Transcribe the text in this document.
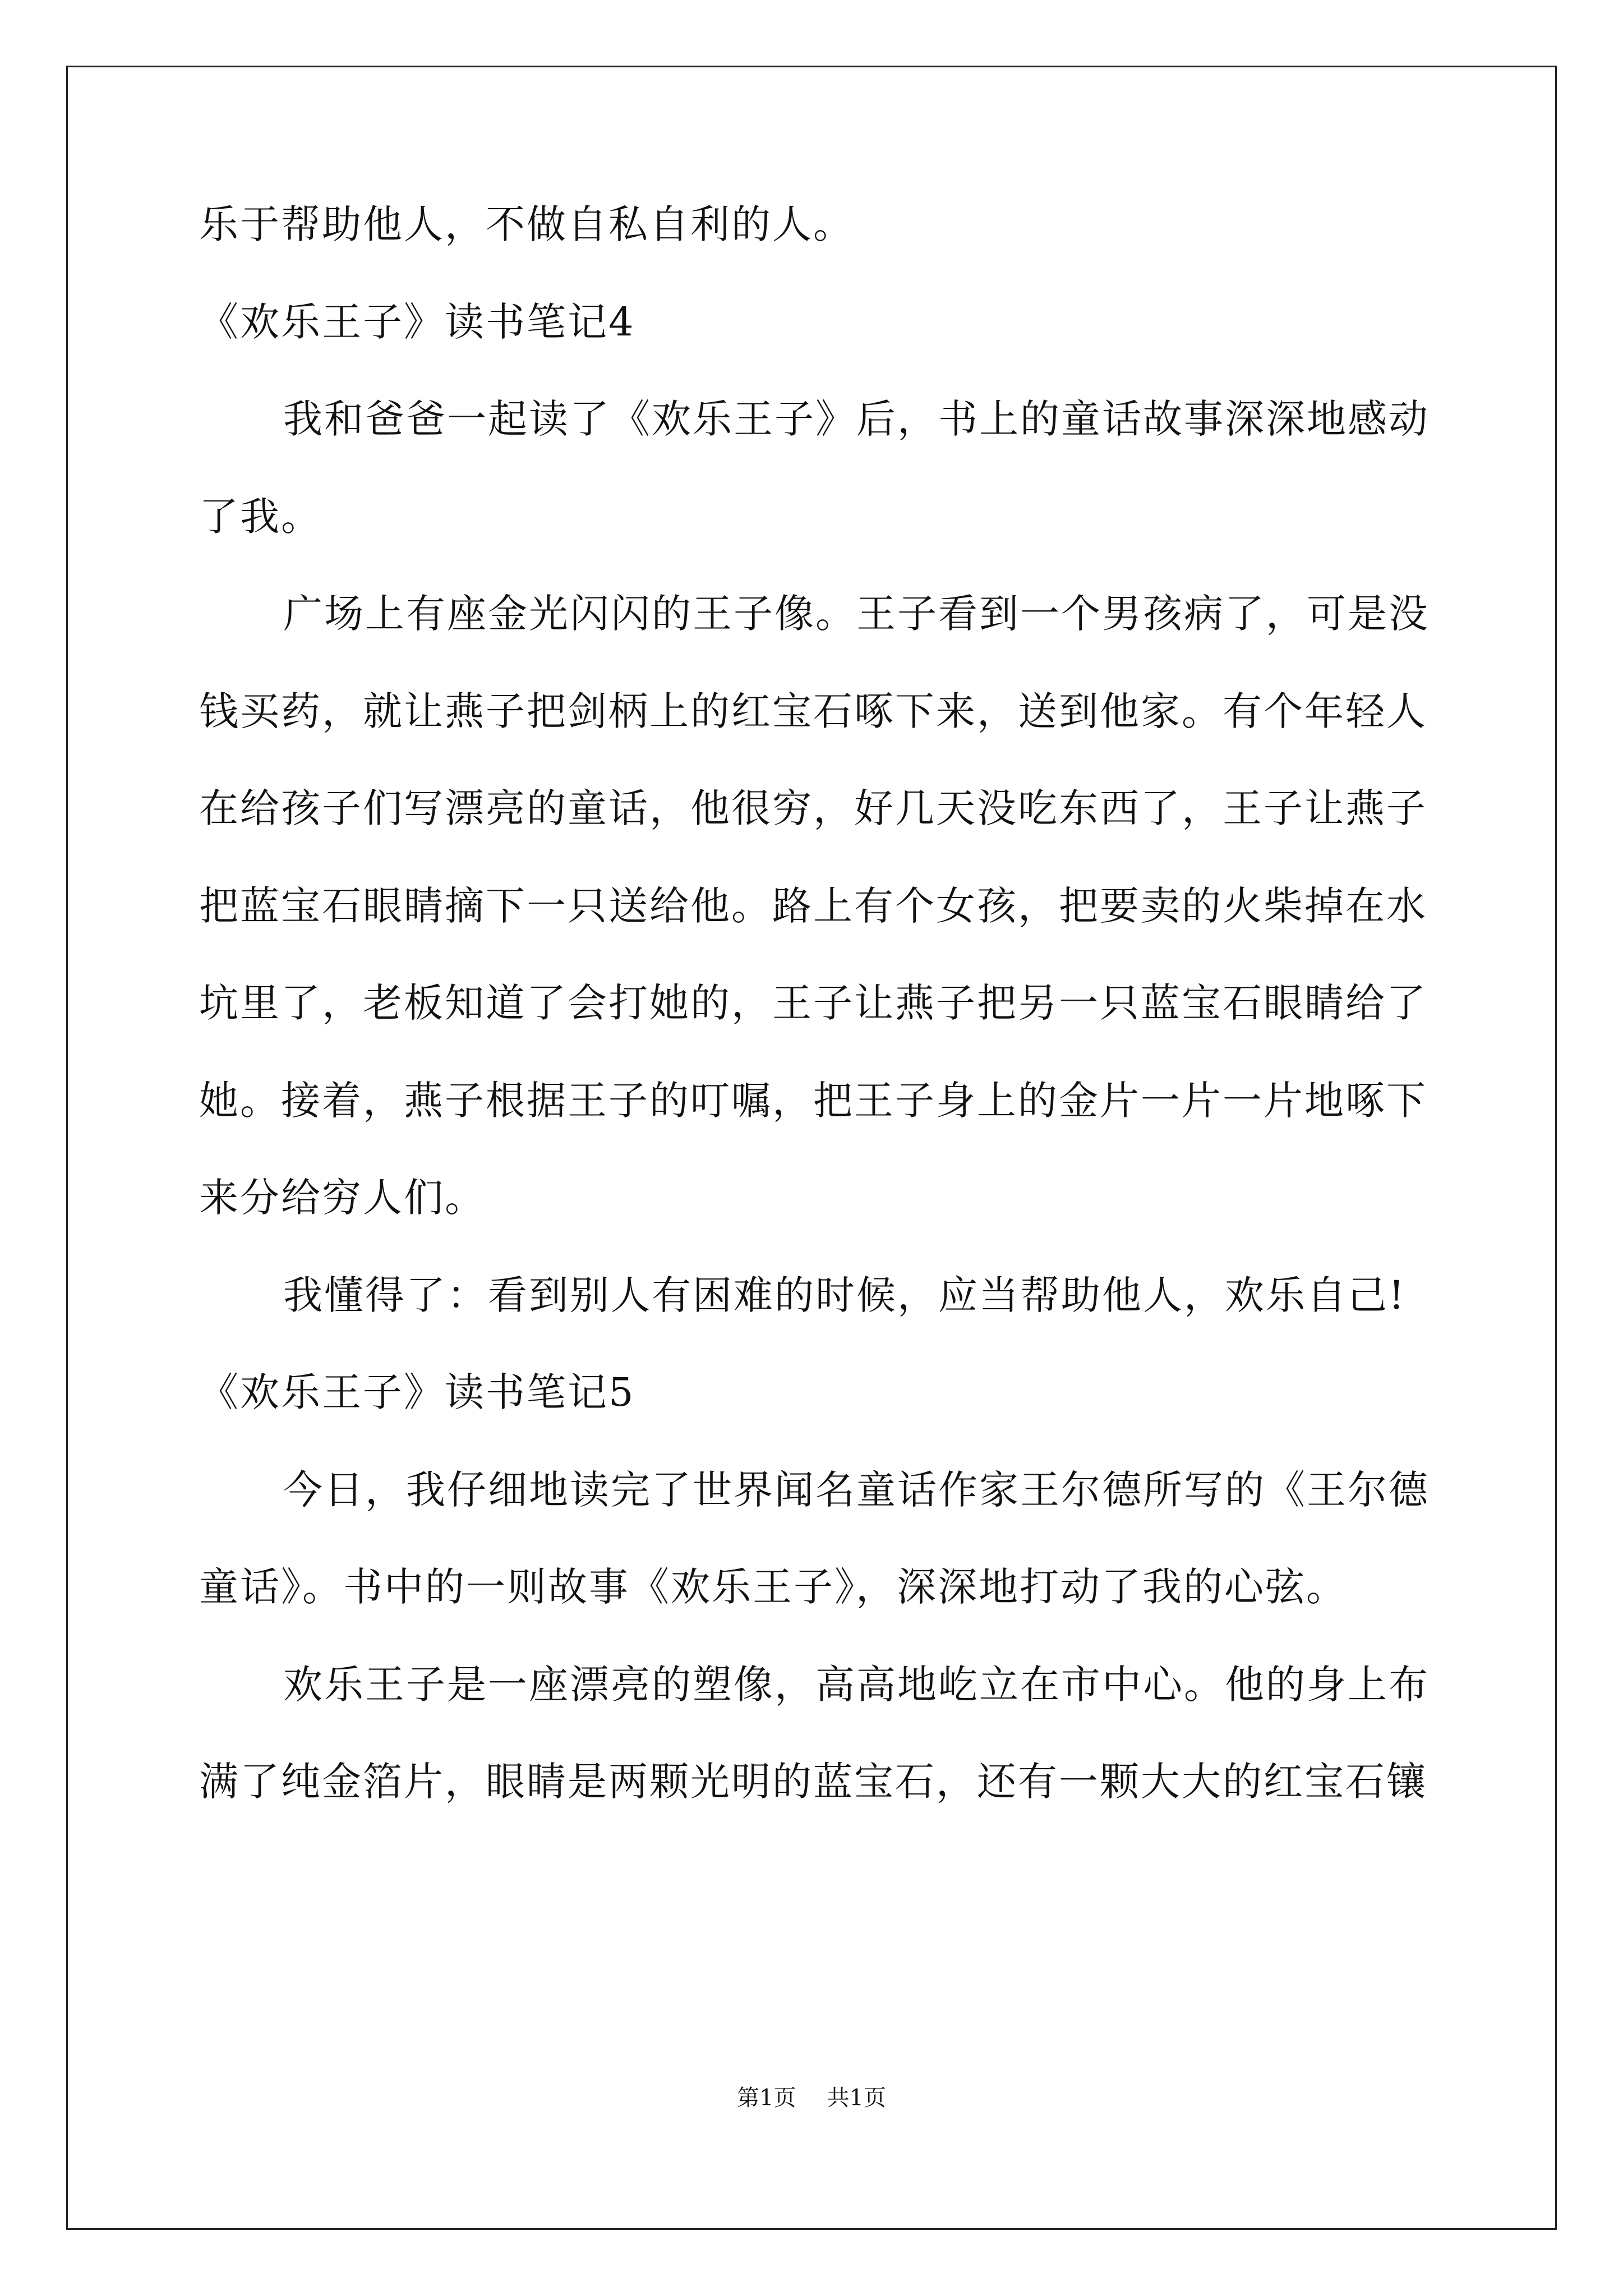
乐于帮助他人，不做自私自利的人。
《欢乐王子》读书笔记4
我和爸爸一起读了《欢乐王子》后，书上的童话故事深深地感动
了我。
广场上有座金光闪闪的王子像。王子看到一个男孩病了，可是没
钱买药，就让燕子把剑柄上的红宝石啄下来，送到他家。有个年轻人
在给孩子们写漂亮的童话，他很穷，好几天没吃东西了，王子让燕子
把蓝宝石眼睛摘下一只送给他。路上有个女孩，把要卖的火柴掉在水
坑里了，老板知道了会打她的，王子让燕子把另一只蓝宝石眼睛给了
她。接着，燕子根据王子的叮嘱，把王子身上的金片一片一片地啄下
来分给穷人们。
我懂得了：看到别人有困难的时候，应当帮助他人，欢乐自己!
《欢乐王子》读书笔记5
今日，我仔细地读完了世界闻名童话作家王尔德所写的《王尔德
童话》。书中的一则故事《欢乐王子》，深深地打动了我的心弦。
欢乐王子是一座漂亮的塑像，高高地屹立在市中心。他的身上布
满了纯金箔片，眼睛是两颗光明的蓝宝石，还有一颗大大的红宝石镶
第1页 共1页
